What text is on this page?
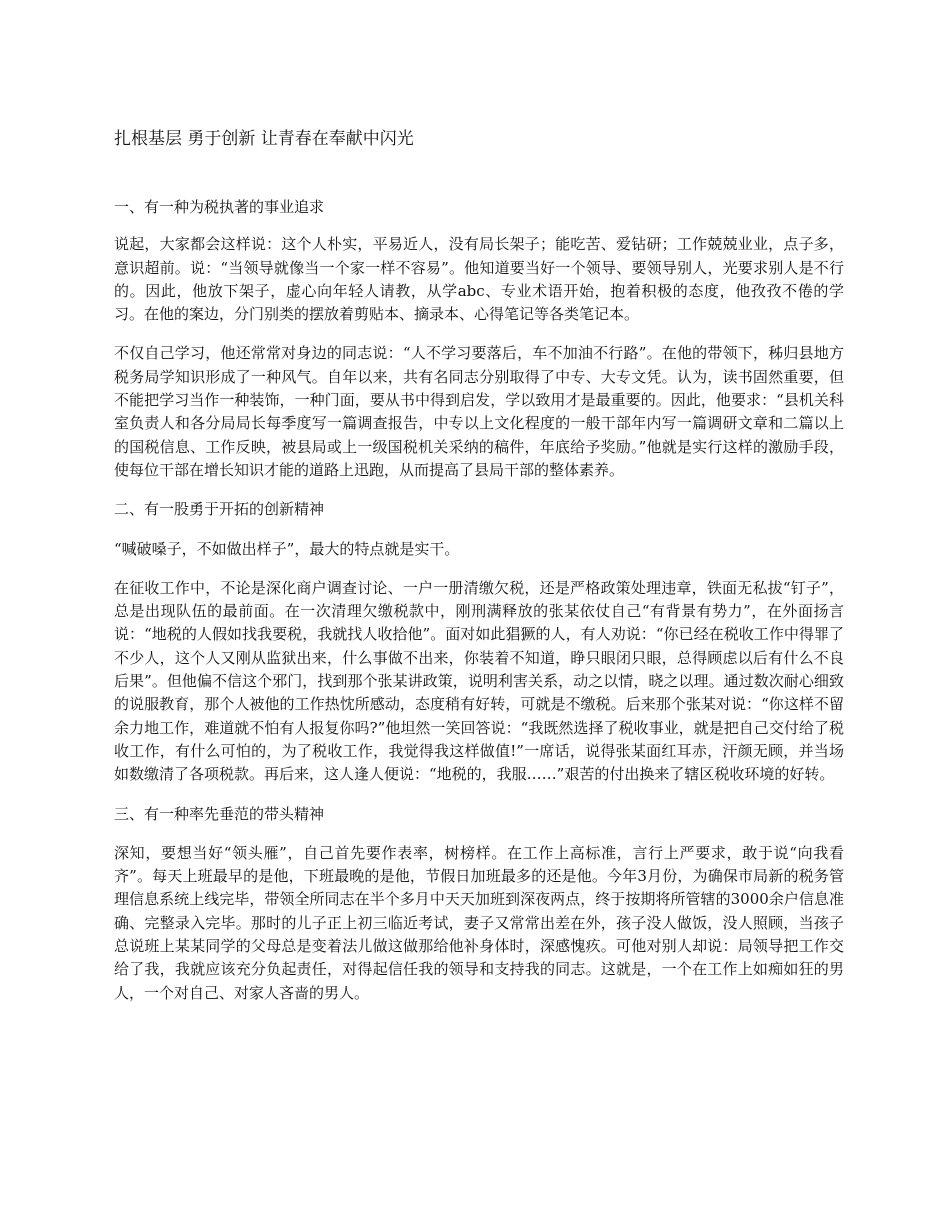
扎根基层 勇于创新 让青春在奉献中闪光
一、有一种为税执著的事业追求
说起，大家都会这样说：这个人朴实，平易近人，没有局长架子；能吃苦、爱钻研；工作兢兢业业，点子多，意识超前。说：“当领导就像当一个家一样不容易”。他知道要当好一个领导、要领导别人，光要求别人是不行的。因此，他放下架子，虚心向年轻人请教，从学abc、专业术语开始，抱着积极的态度，他孜孜不倦的学习。在他的案边，分门别类的摆放着剪贴本、摘录本、心得笔记等各类笔记本。
不仅自己学习，他还常常对身边的同志说：“人不学习要落后，车不加油不行路”。在他的带领下，秭归县地方税务局学知识形成了一种风气。自年以来，共有名同志分别取得了中专、大专文凭。认为，读书固然重要，但不能把学习当作一种装饰，一种门面，要从书中得到启发，学以致用才是最重要的。因此，他要求：“县机关科室负责人和各分局局长每季度写一篇调查报告，中专以上文化程度的一般干部年内写一篇调研文章和二篇以上的国税信息、工作反映，被县局或上一级国税机关采纳的稿件，年底给予奖励。”他就是实行这样的激励手段，使每位干部在增长知识才能的道路上迅跑，从而提高了县局干部的整体素养。
二、有一股勇于开拓的创新精神
“喊破嗓子，不如做出样子”，最大的特点就是实干。
在征收工作中，不论是深化商户调查讨论、一户一册清缴欠税，还是严格政策处理违章，铁面无私拔“钉子”，总是出现队伍的最前面。在一次清理欠缴税款中，刚刑满释放的张某依仗自己“有背景有势力”，在外面扬言说：“地税的人假如找我要税，我就找人收拾他”。面对如此猖獗的人，有人劝说：“你已经在税收工作中得罪了不少人，这个人又刚从监狱出来，什么事做不出来，你装着不知道，睁只眼闭只眼，总得顾虑以后有什么不良后果”。但他偏不信这个邪门，找到那个张某讲政策，说明利害关系，动之以情，晓之以理。通过数次耐心细致的说服教育，那个人被他的工作热忱所感动，态度稍有好转，可就是不缴税。后来那个张某对说：“你这样不留余力地工作，难道就不怕有人报复你吗?”他坦然一笑回答说：“我既然选择了税收事业，就是把自己交付给了税收工作，有什么可怕的，为了税收工作，我觉得我这样做值!”一席话，说得张某面红耳赤，汗颜无顾，并当场如数缴清了各项税款。再后来，这人逢人便说：“地税的，我服……”艰苦的付出换来了辖区税收环境的好转。
三、有一种率先垂范的带头精神
深知，要想当好“领头雁”，自己首先要作表率，树榜样。在工作上高标准，言行上严要求，敢于说“向我看齐”。每天上班最早的是他，下班最晚的是他，节假日加班最多的还是他。今年3月份，为确保市局新的税务管理信息系统上线完毕，带领全所同志在半个多月中天天加班到深夜两点，终于按期将所管辖的3000余户信息准确、完整录入完毕。那时的儿子正上初三临近考试，妻子又常常出差在外，孩子没人做饭，没人照顾，当孩子总说班上某某同学的父母总是变着法儿做这做那给他补身体时，深感愧疚。可他对别人却说：局领导把工作交给了我，我就应该充分负起责任，对得起信任我的领导和支持我的同志。这就是，一个在工作上如痴如狂的男人，一个对自己、对家人吝啬的男人。
